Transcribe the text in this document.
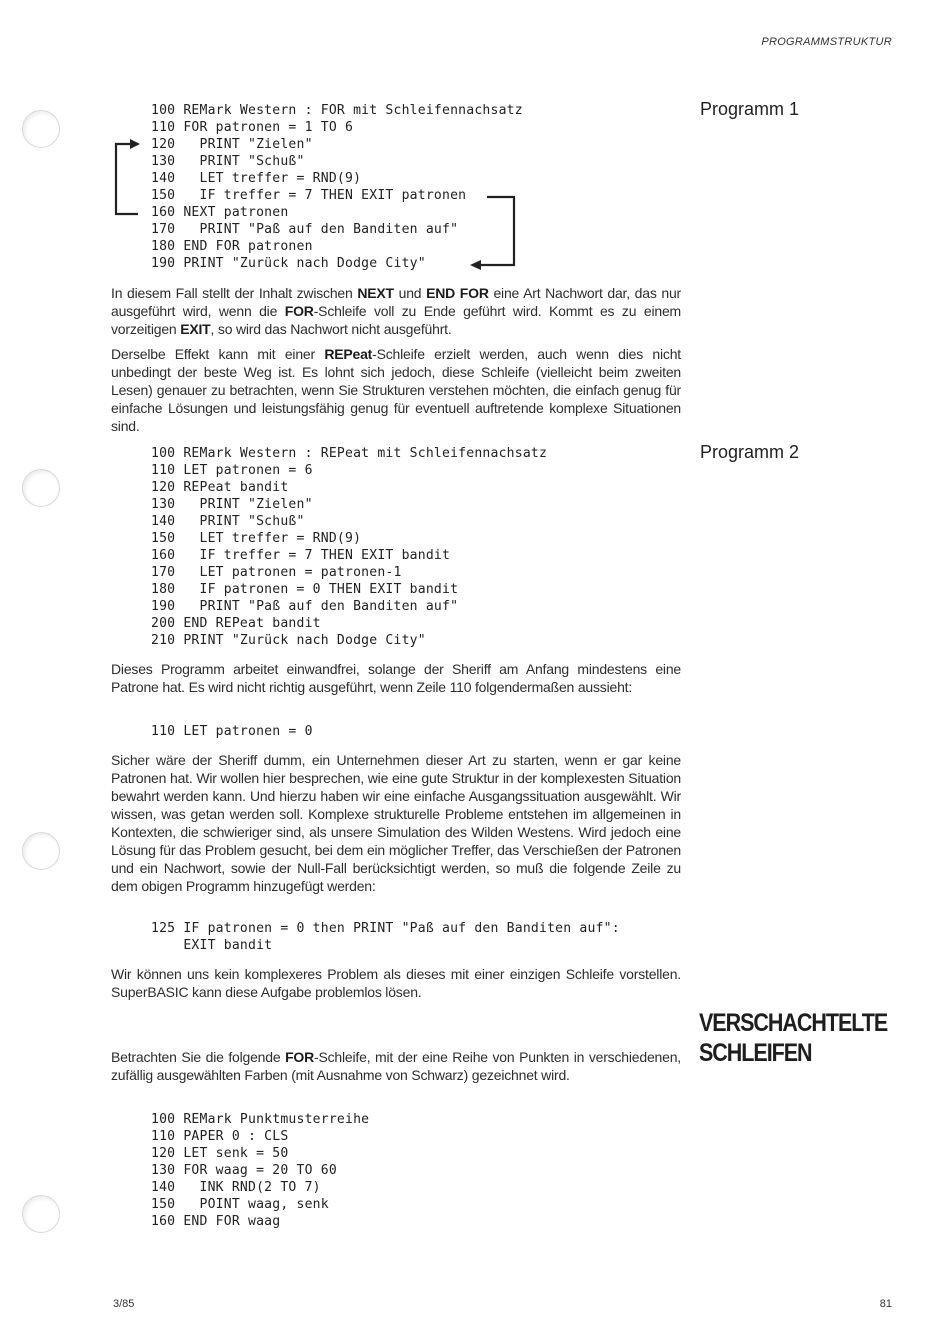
PROGRAMMSTRUKTUR
Programm 1
100 REMark Western : FOR mit Schleifennachsatz
110 FOR patronen = 1 TO 6
120   PRINT "Zielen"
130   PRINT "Schuß"
140   LET treffer = RND(9)
150   IF treffer = 7 THEN EXIT patronen
160 NEXT patronen
170   PRINT "Paß auf den Banditen auf"
180 END FOR patronen
190 PRINT "Zurück nach Dodge City"

In diesem Fall stellt der Inhalt zwischen NEXT und END FOR eine Art Nachwort dar, das nur ausgeführt wird, wenn die FOR-Schleife voll zu Ende geführt wird. Kommt es zu einem vorzeitigen EXIT, so wird das Nachwort nicht ausgeführt.

Derselbe Effekt kann mit einer REPeat-Schleife erzielt werden, auch wenn dies nicht unbedingt der beste Weg ist. Es lohnt sich jedoch, diese Schleife (vielleicht beim zweiten Lesen) genauer zu betrachten, wenn Sie Strukturen verstehen möchten, die einfach genug für einfache Lösungen und leistungsfähig genug für eventuell auftretende komplexe Situationen sind.

Programm 2
100 REMark Western : REPeat mit Schleifennachsatz
110 LET patronen = 6
120 REPeat bandit
130   PRINT "Zielen"
140   PRINT "Schuß"
150   LET treffer = RND(9)
160   IF treffer = 7 THEN EXIT bandit
170   LET patronen = patronen-1
180   IF patronen = 0 THEN EXIT bandit
190   PRINT "Paß auf den Banditen auf"
200 END REPeat bandit
210 PRINT "Zurück nach Dodge City"

Dieses Programm arbeitet einwandfrei, solange der Sheriff am Anfang mindestens eine Patrone hat. Es wird nicht richtig ausgeführt, wenn Zeile 110 folgendermaßen aussieht:

110 LET patronen = 0

Sicher wäre der Sheriff dumm, ein Unternehmen dieser Art zu starten, wenn er gar keine Patronen hat. Wir wollen hier besprechen, wie eine gute Struktur in der komplexesten Situation bewahrt werden kann. Und hierzu haben wir eine einfache Ausgangssituation ausgewählt. Wir wissen, was getan werden soll. Komplexe strukturelle Probleme entstehen im allgemeinen in Kontexten, die schwieriger sind, als unsere Simulation des Wilden Westens. Wird jedoch eine Lösung für das Problem gesucht, bei dem ein möglicher Treffer, das Verschießen der Patronen und ein Nachwort, sowie der Null-Fall berücksichtigt werden, so muß die folgende Zeile zu dem obigen Programm hinzugefügt werden:

125 IF patronen = 0 then PRINT "Paß auf den Banditen auf":
EXIT bandit

Wir können uns kein komplexeres Problem als dieses mit einer einzigen Schleife vorstellen. SuperBASIC kann diese Aufgabe problemlos lösen.

VERSCHACHTELTE
SCHLEIFEN

Betrachten Sie die folgende FOR-Schleife, mit der eine Reihe von Punkten in verschiedenen, zufällig ausgewählten Farben (mit Ausnahme von Schwarz) gezeichnet wird.

100 REMark Punktmusterreihe
110 PAPER 0 : CLS
120 LET senk = 50
130 FOR waag = 20 TO 60
140   INK RND(2 TO 7)
150   POINT waag, senk
160 END FOR waag
3/85	81
